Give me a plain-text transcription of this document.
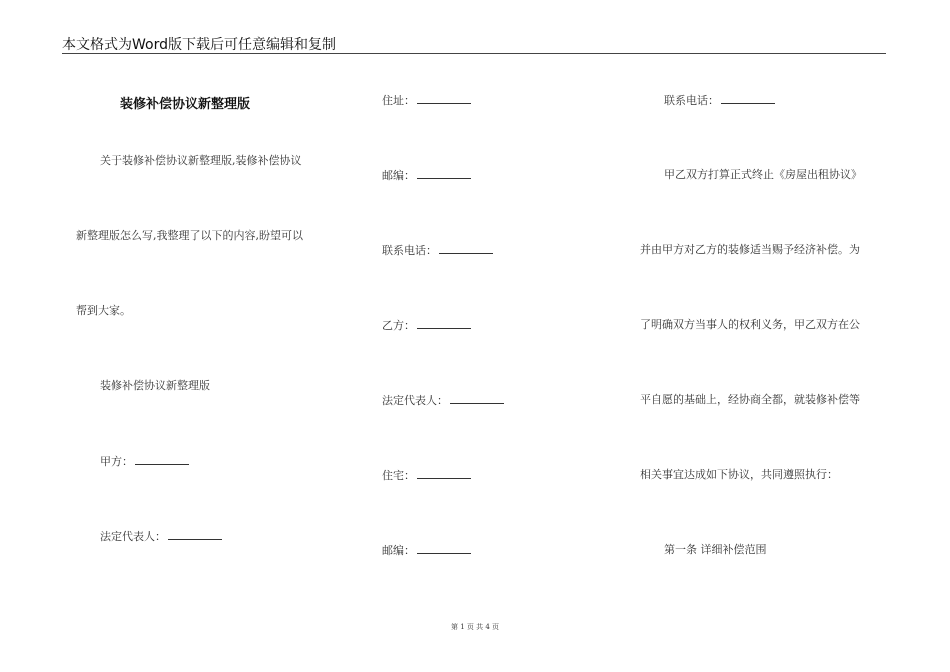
本文格式为Word版下载后可任意编辑和复制
装修补偿协议新整理版
关于装修补偿协议新整理版,装修补偿协议
新整理版怎么写,我整理了以下的内容,盼望可以
帮到大家。
装修补偿协议新整理版
甲方：
法定代表人：
住址：
邮编：
联系电话：
乙方：
法定代表人：
住宅：
邮编：
联系电话：
甲乙双方打算正式终止《房屋出租协议》
并由甲方对乙方的装修适当赐予经济补偿。为
了明确双方当事人的权利义务，甲乙双方在公
平自愿的基础上，经协商全都，就装修补偿等
相关事宜达成如下协议，共同遵照执行：
第一条 详细补偿范围
第 1 页 共 4 页
